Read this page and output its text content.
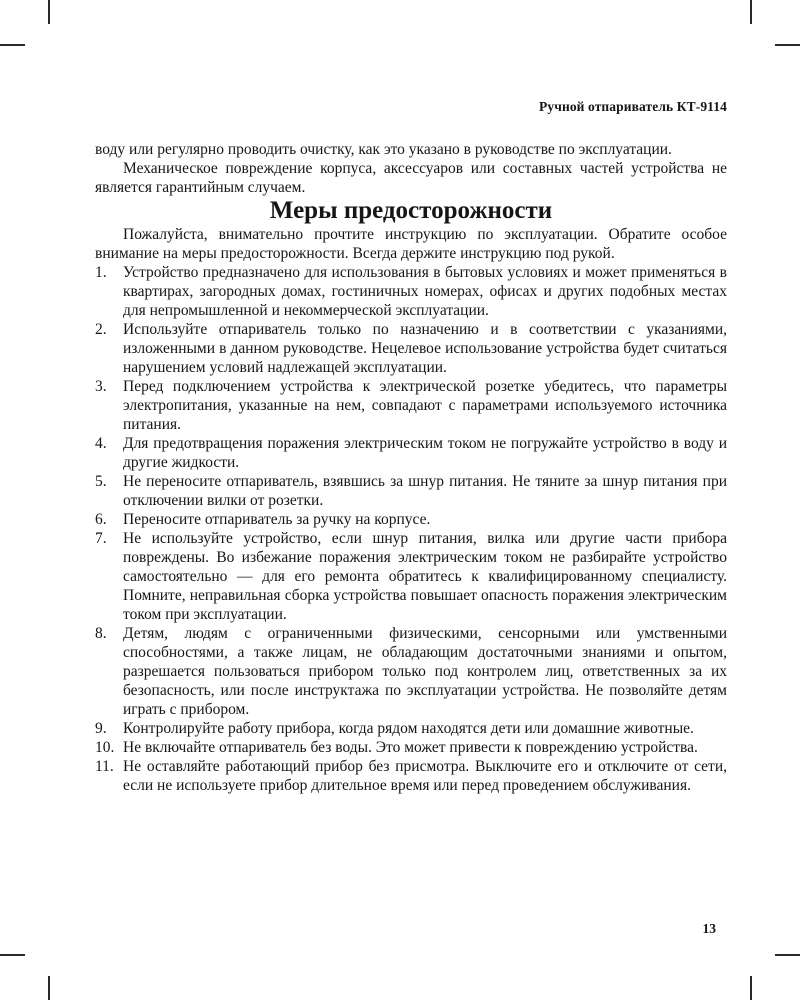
Ручной отпариватель КТ-9114

воду или регулярно проводить очистку, как это указано в руководстве по эксплуатации.

Механическое повреждение корпуса, аксессуаров или составных частей устройства не является гарантийным случаем.

Меры предосторожности

Пожалуйста, внимательно прочтите инструкцию по эксплуатации. Обратите особое внимание на меры предосторожности. Всегда держите инструкцию под рукой.

1. Устройство предназначено для использования в бытовых условиях и может применяться в квартирах, загородных домах, гостиничных номерах, офисах и других подобных местах для непромышленной и некоммерческой эксплуатации.
2. Используйте отпариватель только по назначению и в соответствии с указаниями, изложенными в данном руководстве. Нецелевое использование устройства будет считаться нарушением условий надлежащей эксплуатации.
3. Перед подключением устройства к электрической розетке убедитесь, что параметры электропитания, указанные на нем, совпадают с параметрами используемого источника питания.
4. Для предотвращения поражения электрическим током не погружайте устройство в воду и другие жидкости.
5. Не переносите отпариватель, взявшись за шнур питания. Не тяните за шнур питания при отключении вилки от розетки.
6. Переносите отпариватель за ручку на корпусе.
7. Не используйте устройство, если шнур питания, вилка или другие части прибора повреждены. Во избежание поражения электрическим током не разбирайте устройство самостоятельно — для его ремонта обратитесь к квалифицированному специалисту. Помните, неправильная сборка устройства повышает опасность поражения электрическим током при эксплуатации.
8. Детям, людям с ограниченными физическими, сенсорными или умственными способностями, а также лицам, не обладающим достаточными знаниями и опытом, разрешается пользоваться прибором только под контролем лиц, ответственных за их безопасность, или после инструктажа по эксплуатации устройства. Не позволяйте детям играть с прибором.
9. Контролируйте работу прибора, когда рядом находятся дети или домашние животные.
10. Не включайте отпариватель без воды. Это может привести к повреждению устройства.
11. Не оставляйте работающий прибор без присмотра. Выключите его и отключите от сети, если не используете прибор длительное время или перед проведением обслуживания.
13
